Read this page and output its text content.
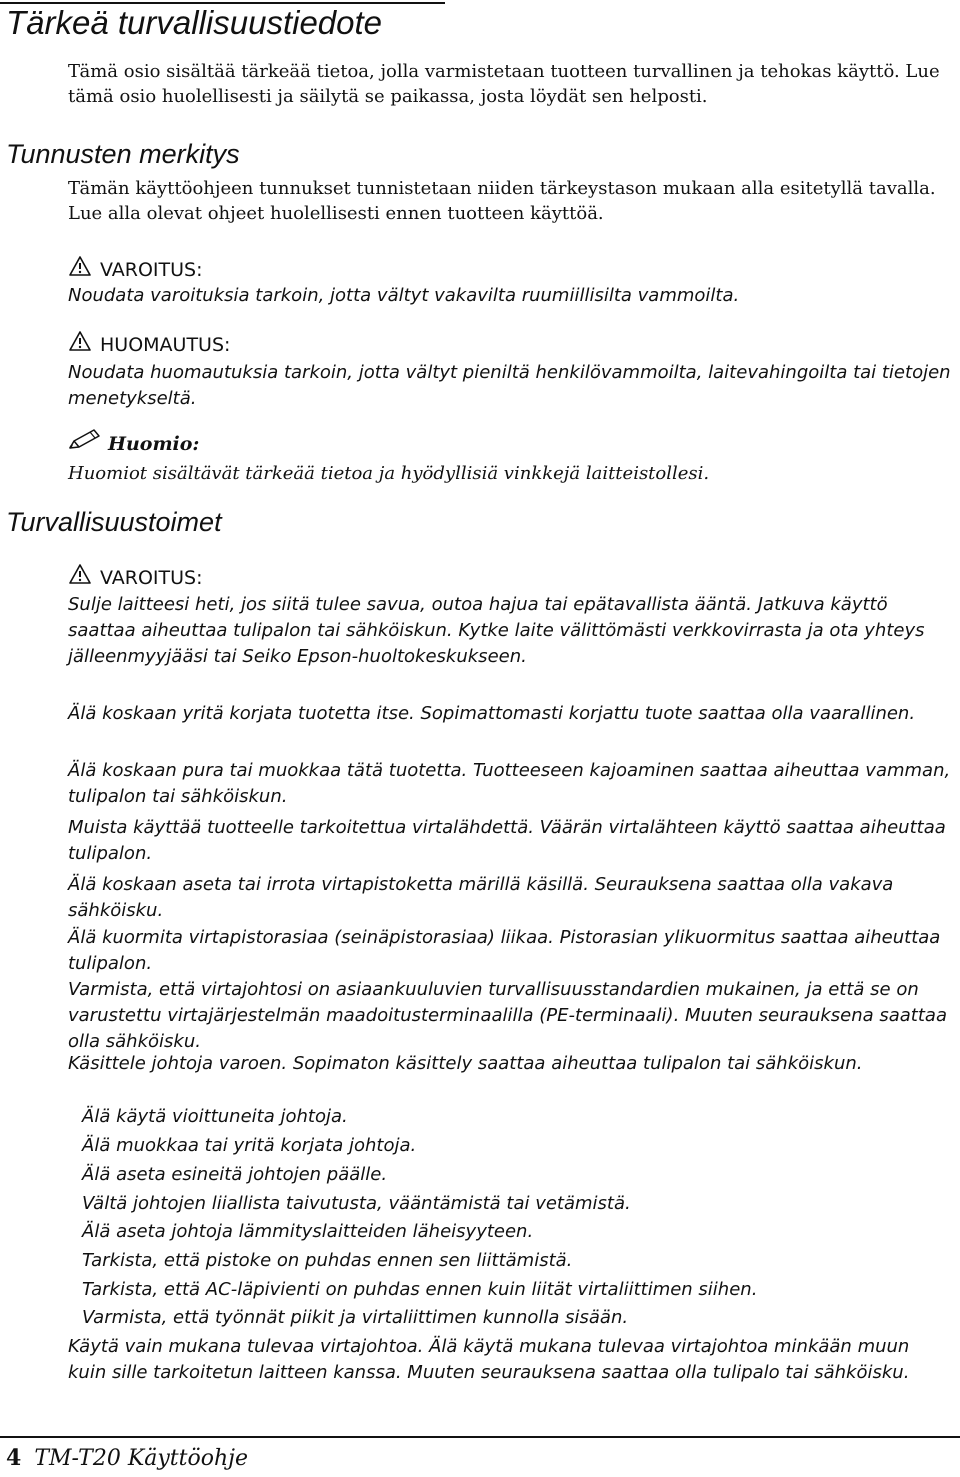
Tärkeä turvallisuustiedote

Tämä osio sisältää tärkeää tietoa, jolla varmistetaan tuotteen turvallinen ja tehokas käyttö. Lue tämä osio huolellisesti ja säilytä se paikassa, josta löydät sen helposti.

Tunnusten merkitys

Tämän käyttöohjeen tunnukset tunnistetaan niiden tärkeystason mukaan alla esitetyllä tavalla. Lue alla olevat ohjeet huolellisesti ennen tuotteen käyttöä.

VAROITUS:

Noudata varoituksia tarkoin, jotta vältyt vakavilta ruumiillisilta vammoilta.

HUOMAUTUS:

Noudata huomautuksia tarkoin, jotta vältyt pieniltä henkilövammoilta, laitevahingoilta tai tietojen menetykseltä.

Huomio:

Huomiot sisältävät tärkeää tietoa ja hyödyllisiä vinkkejä laitteistollesi.

Turvallisuustoimet
VAROITUS:

Sulje laitteesi heti, jos siitä tulee savua, outoa hajua tai epätavallista ääntä. Jatkuva käyttö saattaa aiheuttaa tulipalon tai sähköiskun. Kytke laite välittömästi verkkovirrasta ja ota yhteys jälleenmyyjääsi tai Seiko Epson-huoltokeskukseen.

Älä koskaan yritä korjata tuotetta itse. Sopimattomasti korjattu tuote saattaa olla vaarallinen.

Älä koskaan pura tai muokkaa tätä tuotetta. Tuotteeseen kajoaminen saattaa aiheuttaa vamman, tulipalon tai sähköiskun.

Muista käyttää tuotteelle tarkoitettua virtalähdettä. Väärän virtalähteen käyttö saattaa aiheuttaa tulipalon.

Älä koskaan aseta tai irrota virtapistoketta märillä käsillä. Seurauksena saattaa olla vakava sähköisku.

Älä kuormita virtapistorasiaa (seinäpistorasiaa) liikaa. Pistorasian ylikuormitus saattaa aiheuttaa tulipalon.

Varmista, että virtajohtosi on asiaankuuluvien turvallisuusstandardien mukainen, ja että se on varustettu virtajärjestelmän maadoitusterminaalilla (PE-terminaali). Muuten seurauksena saattaa olla sähköisku.

Käsittele johtoja varoen. Sopimaton käsittely saattaa aiheuttaa tulipalon tai sähköiskun.

Älä käytä vioittuneita johtoja.

Älä muokkaa tai yritä korjata johtoja.

Älä aseta esineitä johtojen päälle.

Vältä johtojen liiallista taivutusta, vääntämistä tai vetämistä.

Älä aseta johtoja lämmityslaitteiden läheisyyteen.

Tarkista, että pistoke on puhdas ennen sen liittämistä.

Tarkista, että AC-läpivienti on puhdas ennen kuin liität virtaliittimen siihen.

Varmista, että työnnät piikit ja virtaliittimen kunnolla sisään.

Käytä vain mukana tulevaa virtajohtoa. Älä käytä mukana tulevaa virtajohtoa minkään muun kuin sille tarkoitetun laitteen kanssa. Muuten seurauksena saattaa olla tulipalo tai sähköisku.

4 TM-T20 Käyttöohje
